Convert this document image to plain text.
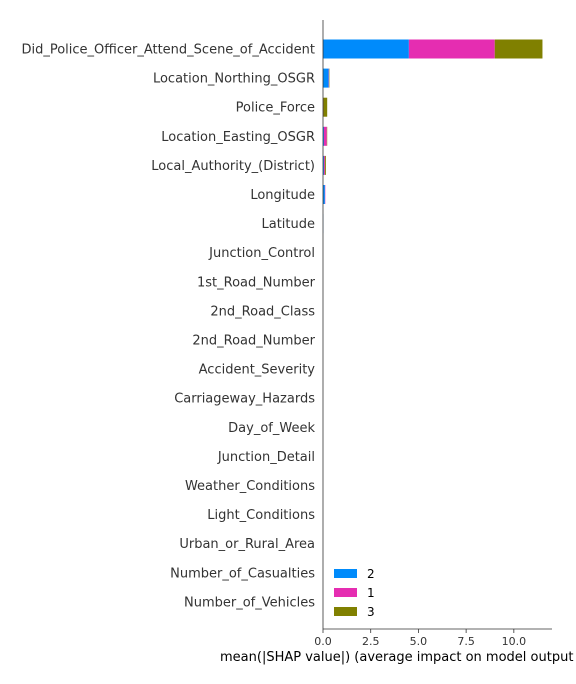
Did_Police_Officer_Attend_Scene_of_Accident
Location_Northing_OSGR
Police_Force
Location_Easting_OSGR
Local_Authority_(District)
Longitude
Latitude
Junction_Control
1st_Road_Number
2nd_Road_Class
2nd_Road_Number
Accident_Severity
Carriageway_Hazards
Day_of_Week
Junction_Detail
Weather_Conditions
Light_Conditions
Urban_or_Rural_Area
Number_of_Casualties
Number_of_Vehicles
0.0	2.5	5.0	7.5 10.0
mean(|SHAP value|) (average impact on model output
2
1
3
